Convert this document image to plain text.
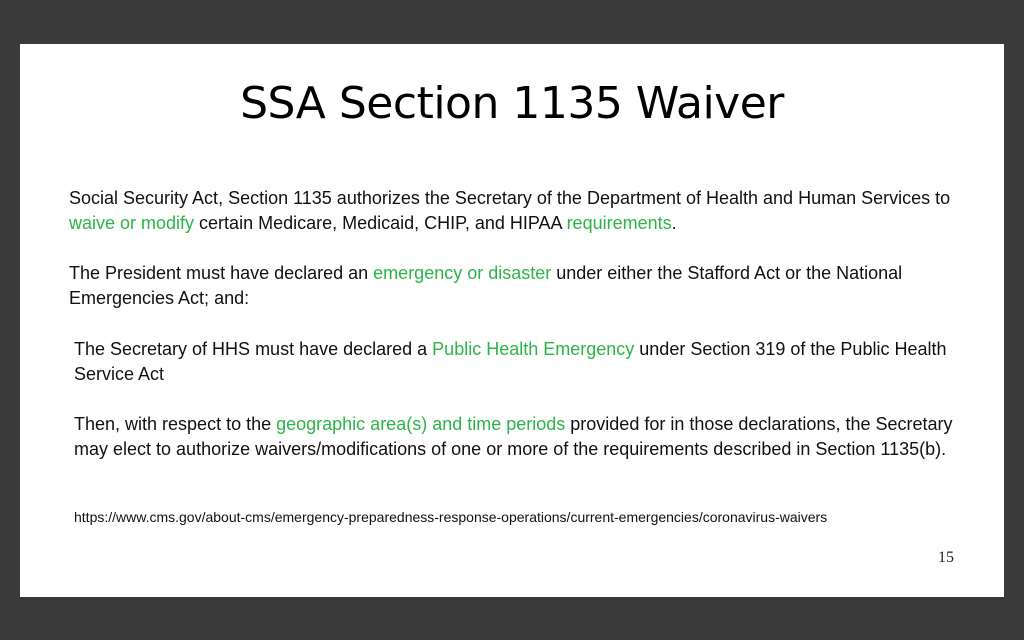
SSA Section 1135 Waiver

Social Security Act, Section 1135 authorizes the Secretary of the Department of Health and Human Services to waive or modify certain Medicare, Medicaid, CHIP, and HIPAA requirements.

The President must have declared an emergency or disaster under either the Stafford Act or the National Emergencies Act; and:

The Secretary of HHS must have declared a Public Health Emergency under Section 319 of the Public Health Service Act

Then, with respect to the geographic area(s) and time periods provided for in those declarations, the Secretary may elect to authorize waivers/modifications of one or more of the requirements described in Section 1135(b).

https://www.cms.gov/about-cms/emergency-preparedness-response-operations/current-emergencies/coronavirus-waivers
15
